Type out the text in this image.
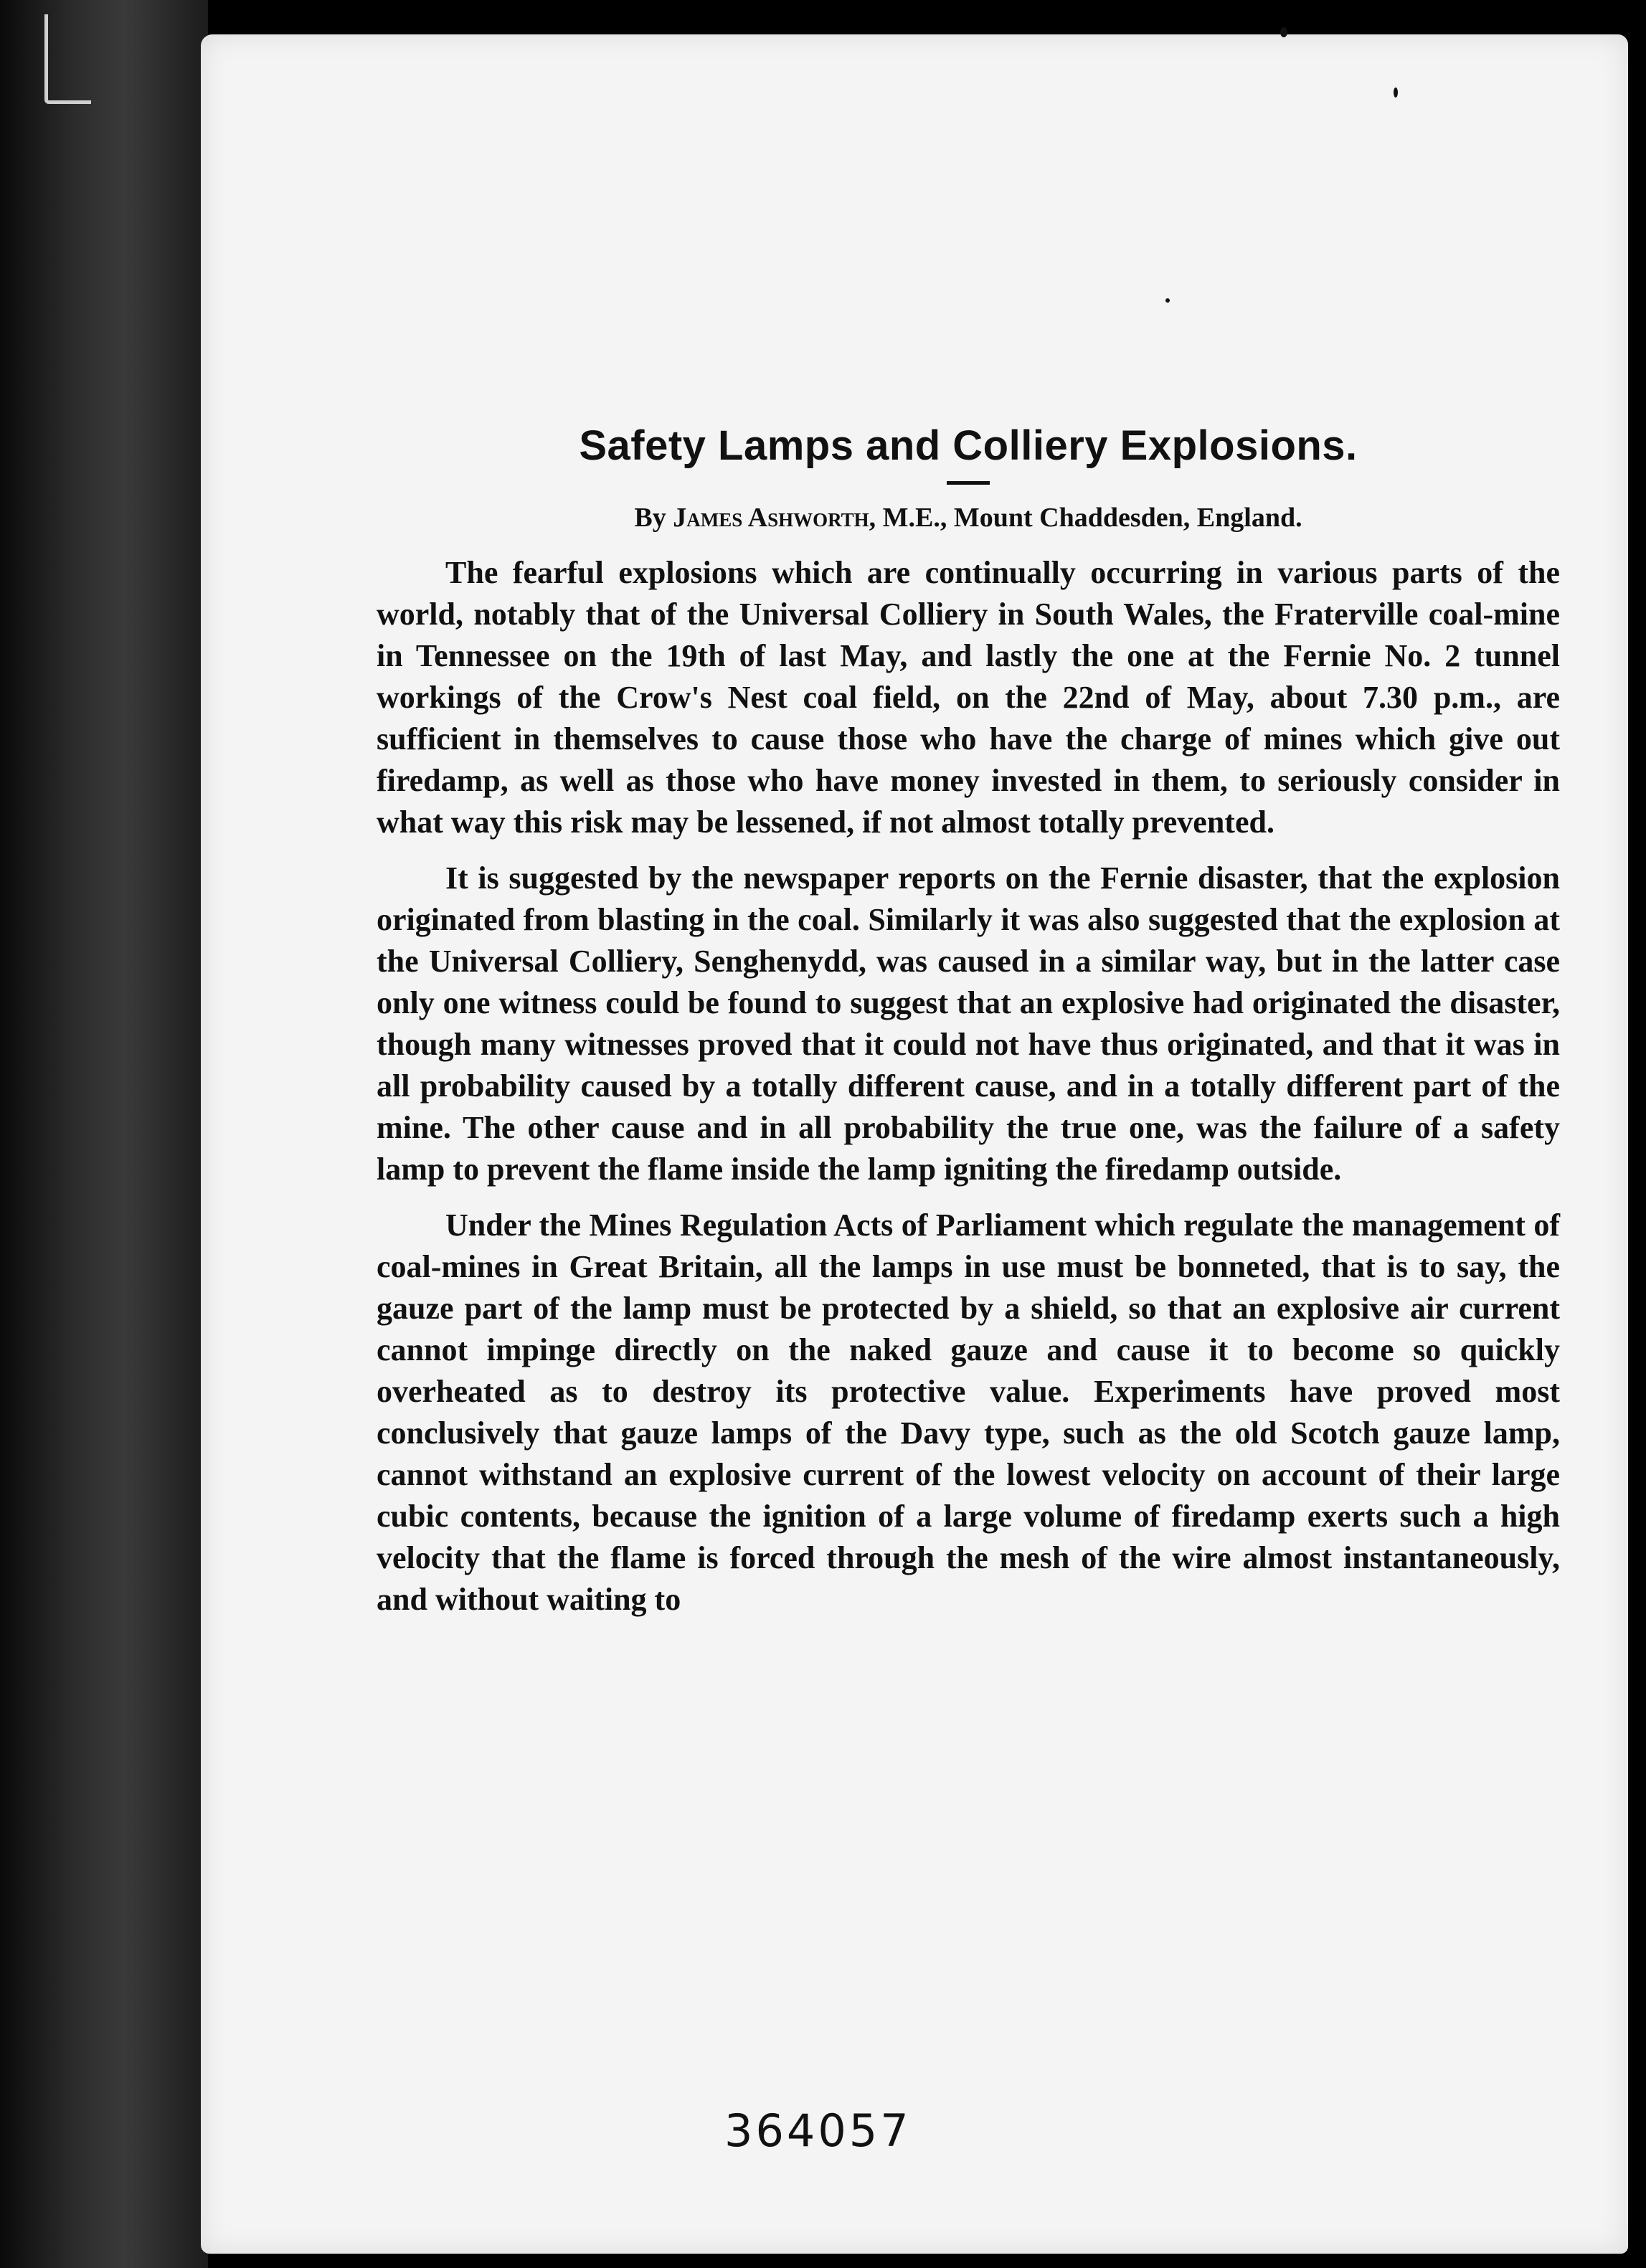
Safety Lamps and Colliery Explosions.

By James Ashworth, M.E., Mount Chaddesden, England.

The fearful explosions which are continually occurring in various parts of the world, notably that of the Universal Colliery in South Wales, the Fraterville coal-mine in Tennessee on the 19th of last May, and lastly the one at the Fernie No. 2 tunnel workings of the Crow's Nest coal field, on the 22nd of May, about 7.30 p.m., are sufficient in themselves to cause those who have the charge of mines which give out firedamp, as well as those who have money invested in them, to seriously consider in what way this risk may be lessened, if not almost totally prevented.

It is suggested by the newspaper reports on the Fernie disaster, that the explosion originated from blasting in the coal. Similarly it was also suggested that the explosion at the Universal Colliery, Senghenydd, was caused in a similar way, but in the latter case only one witness could be found to suggest that an explosive had originated the disaster, though many witnesses proved that it could not have thus originated, and that it was in all probability caused by a totally different cause, and in a totally different part of the mine. The other cause and in all probability the true one, was the failure of a safety lamp to prevent the flame inside the lamp igniting the firedamp outside.

Under the Mines Regulation Acts of Parliament which regulate the management of coal-mines in Great Britain, all the lamps in use must be bonneted, that is to say, the gauze part of the lamp must be protected by a shield, so that an explosive air current cannot impinge directly on the naked gauze and cause it to become so quickly overheated as to destroy its protective value. Experiments have proved most conclusively that gauze lamps of the Davy type, such as the old Scotch gauze lamp, cannot withstand an explosive current of the lowest velocity on account of their large cubic contents, because the ignition of a large volume of firedamp exerts such a high velocity that the flame is forced through the mesh of the wire almost instantaneously, and without waiting to

364057
